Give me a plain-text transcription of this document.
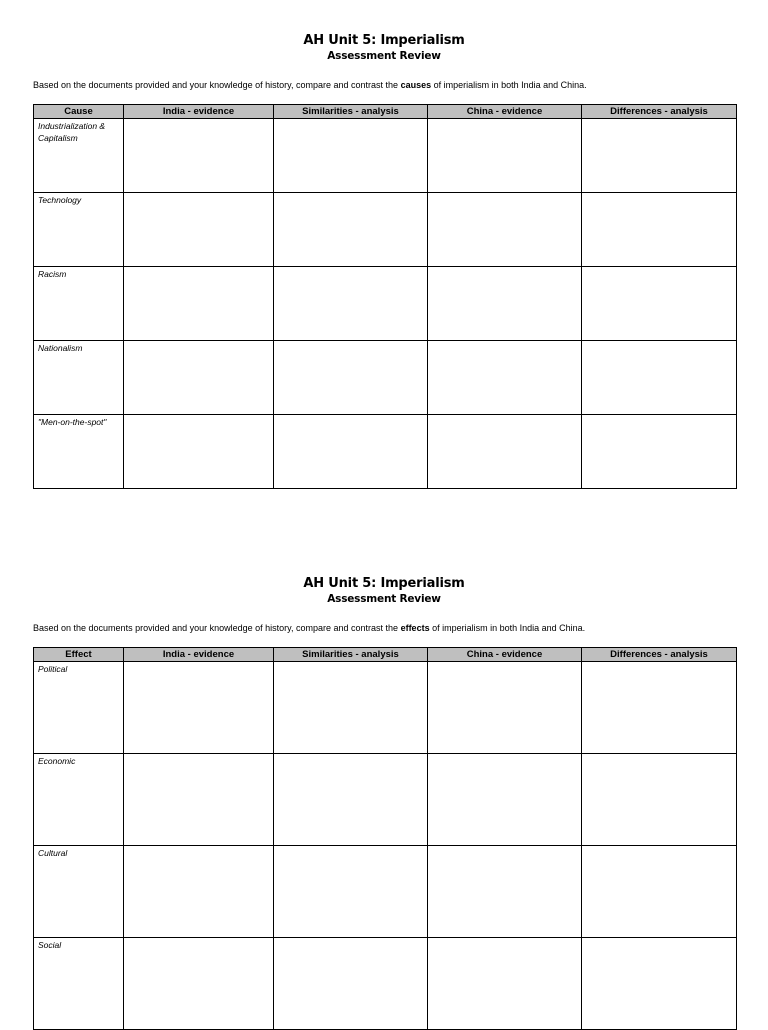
AH Unit 5: Imperialism
Assessment Review
Based on the documents provided and your knowledge of history, compare and contrast the causes of imperialism in both India and China.
Cause	India - evidence	Similarities - analysis	China - evidence	Differences - analysis
Industrialization & Capitalism				
Technology				
Racism				
Nationalism				
"Men-on-the-spot"				
AH Unit 5: Imperialism
Assessment Review
Based on the documents provided and your knowledge of history, compare and contrast the effects of imperialism in both India and China.
Effect	India - evidence	Similarities - analysis	China - evidence	Differences - analysis
Political				
Economic				
Cultural				
Social				
